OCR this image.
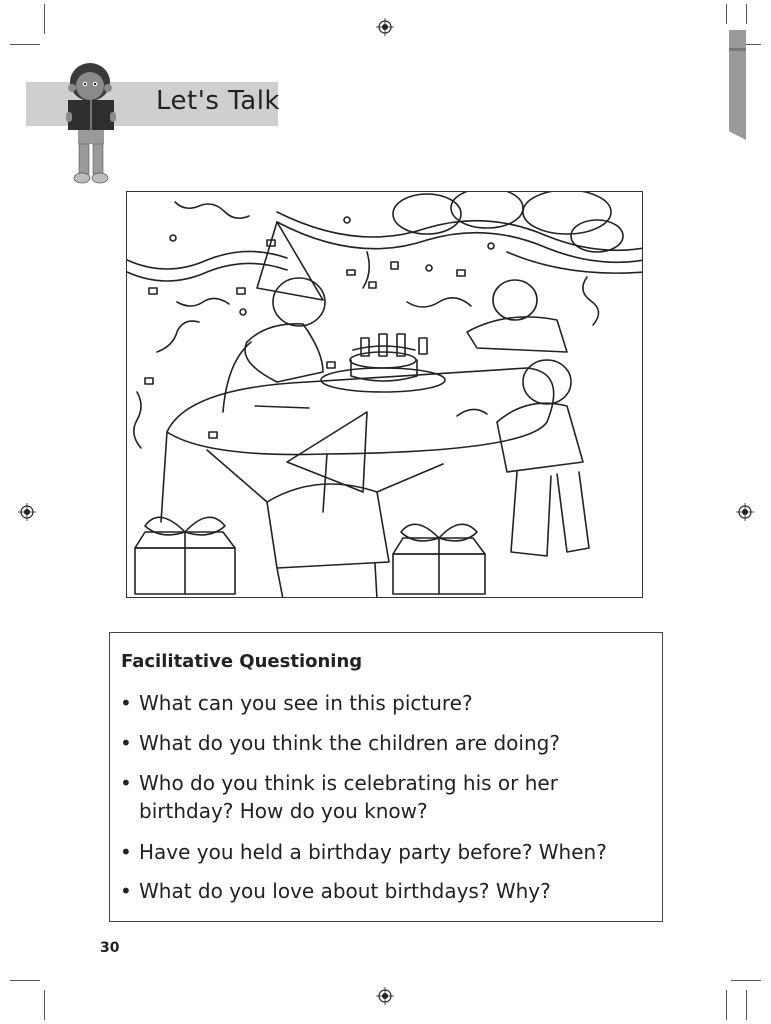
Let's Talk
Facilitative Questioning
• What can you see in this picture?
• What do you think the children are doing?
• Who do you think is celebrating his or her
birthday? How do you know?
• Have you held a birthday party before? When?
• What do you love about birthdays? Why?
30
